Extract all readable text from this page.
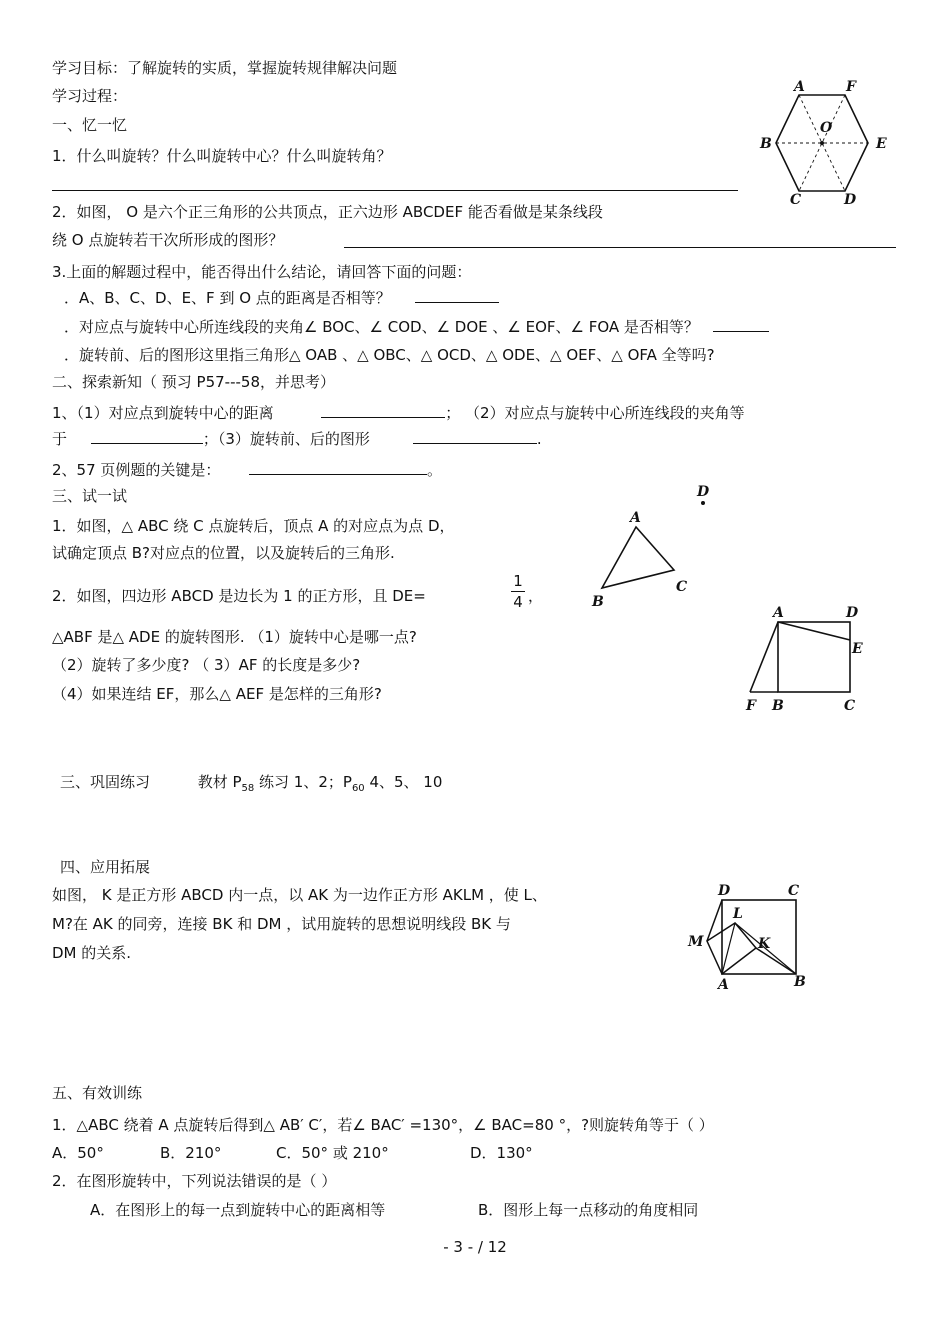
学习目标：了解旋转的实质，掌握旋转规律解决问题
学习过程：
一、忆一忆
1．什么叫旋转？什么叫旋转中心？什么叫旋转角？
2．如图， O 是六个正三角形的公共顶点，正六边形 ABCDEF 能否看做是某条线段
绕 O 点旋转若干次所形成的图形？
3.上面的解题过程中，能否得出什么结论，请回答下面的问题：
．A、B、C、D、E、F 到 O 点的距离是否相等？
．对应点与旋转中心所连线段的夹角∠ BOC、∠ COD、∠ DOE 、∠ EOF、∠ FOA 是否相等？
．旋转前、后的图形这里指三角形△ OAB 、△ OBC、△ OCD、△ ODE、△ OEF、△ OFA 全等吗?
A	F
B
O
E
C	D
二、探索新知（ 预习 P57---58，并思考）
1、（1）对应点到旋转中心的距离	； （2）对应点与旋转中心所连线段的夹角等
于	；（3）旋转前、后的图形	.
2、57 页例题的关键是：	。
三、试一试
1．如图，△ ABC 绕 C 点旋转后，顶点 A 的对应点为点 D，
试确定顶点 B?对应点的位置，以及旋转后的三角形.
2．如图，四边形 ABCD 是边长为 1 的正方形，且 DE=
1
4 ，
△ABF 是△ ADE 的旋转图形. （1）旋转中心是哪一点?
（2）旋转了多少度? （ 3）AF 的长度是多少?
（4）如果连结 EF，那么△ AEF 是怎样的三角形?
A
B
C
D
A	D
E
F B	C
三、巩固练习	教材 $P_{58}$ 练习 1、2；$P_{60}$ 4、5、 10
四、应用拓展
如图， K 是正方形 ABCD 内一点，以 AK 为一边作正方形 AKLM ，使 L、
M?在 AK 的同旁，连接 BK 和 DM ，试用旋转的思想说明线段 BK 与
DM 的关系.
D	C
L
M	K
A	B
五、有效训练
1．△ABC 绕着 A 点旋转后得到△ AB′ C′，若∠ BAC′ =130°，∠ BAC=80 °，?则旋转角等于（ ）
A．50°	B．210°	C．50° 或 210°	D．130°
2．在图形旋转中，下列说法错误的是（ ）
A．在图形上的每一点到旋转中心的距离相等	B．图形上每一点移动的角度相同
- 3 - / 12
